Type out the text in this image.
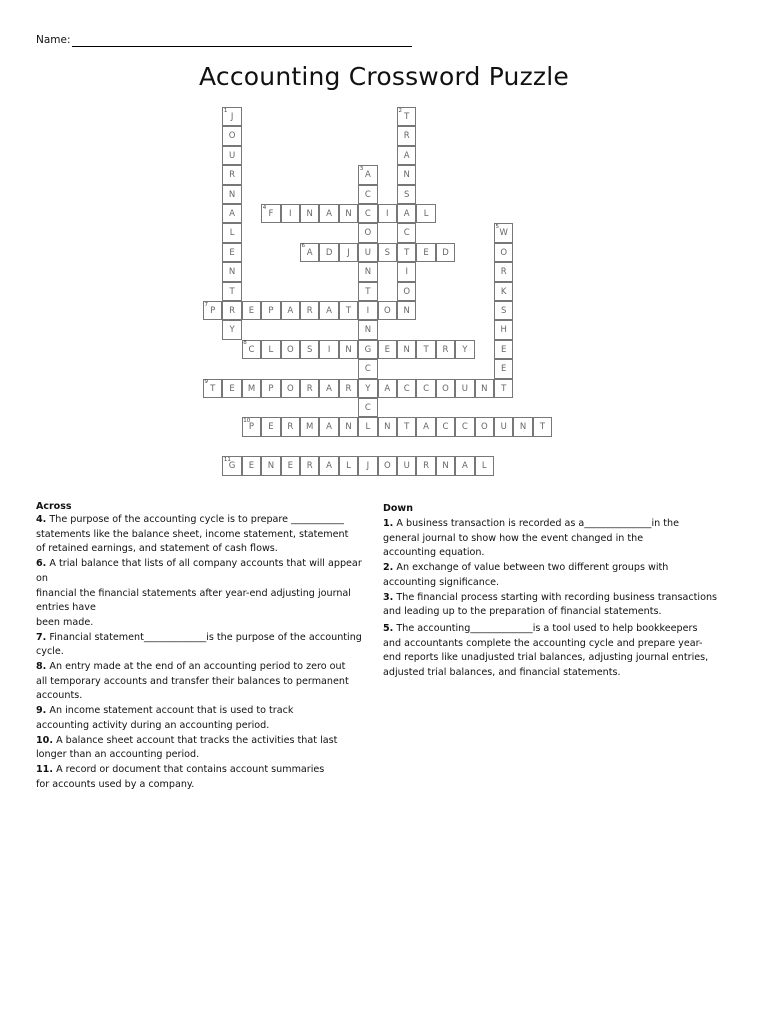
Name:
Accounting Crossword Puzzle
J
O
U
R
N
A
L
E
N
T
R
Y
1
T
R
A
N
S
A
C
T
I
O
N
2
A
C
C
O
U
N
T
I
N
G
C
Y
C
L
3
F	I	N	A	N	I	L
4
W
O
R
K
S
H
E
E
T
5
A	D	J	S	E	D
6
P	E	P	A	R	A	T	O
7
C	L	O	S	I	N	E	N	T	R	Y
8
T	E	M	P	O	R	A	R	A	C	C	O	U	N
9
P	E	R	M	A	N	N	T	A	C	C	O	U	N	T
10
G	E	N	E	R	A	L	J	O	U	R	N	A	L
11
Across	Down
4. The purpose of the accounting cycle is to prepare ___________
statements like the balance sheet, income statement, statement
of retained earnings, and statement of cash flows.
6. A trial balance that lists of all company accounts that will appear on
financial the financial statements after year-end adjusting journal entries have
been made.
7. Financial statement_____________is the purpose of the accounting
cycle.
8. An entry made at the end of an accounting period to zero out
all temporary accounts and transfer their balances to permanent
accounts.
9. An income statement account that is used to track
accounting activity during an accounting period.
10. A balance sheet account that tracks the activities that last
longer than an accounting period.
11. A record or document that contains account summaries
for accounts used by a company.
1. A business transaction is recorded as a______________in the
general journal to show how the event changed in the
accounting equation.
2. An exchange of value between two different groups with
accounting significance.
3. The financial process starting with recording business transactions
and leading up to the preparation of financial statements.
5. The accounting_____________is a tool used to help bookkeepers
and accountants complete the accounting cycle and prepare year-
end reports like unadjusted trial balances, adjusting journal entries,
adjusted trial balances, and financial statements.
